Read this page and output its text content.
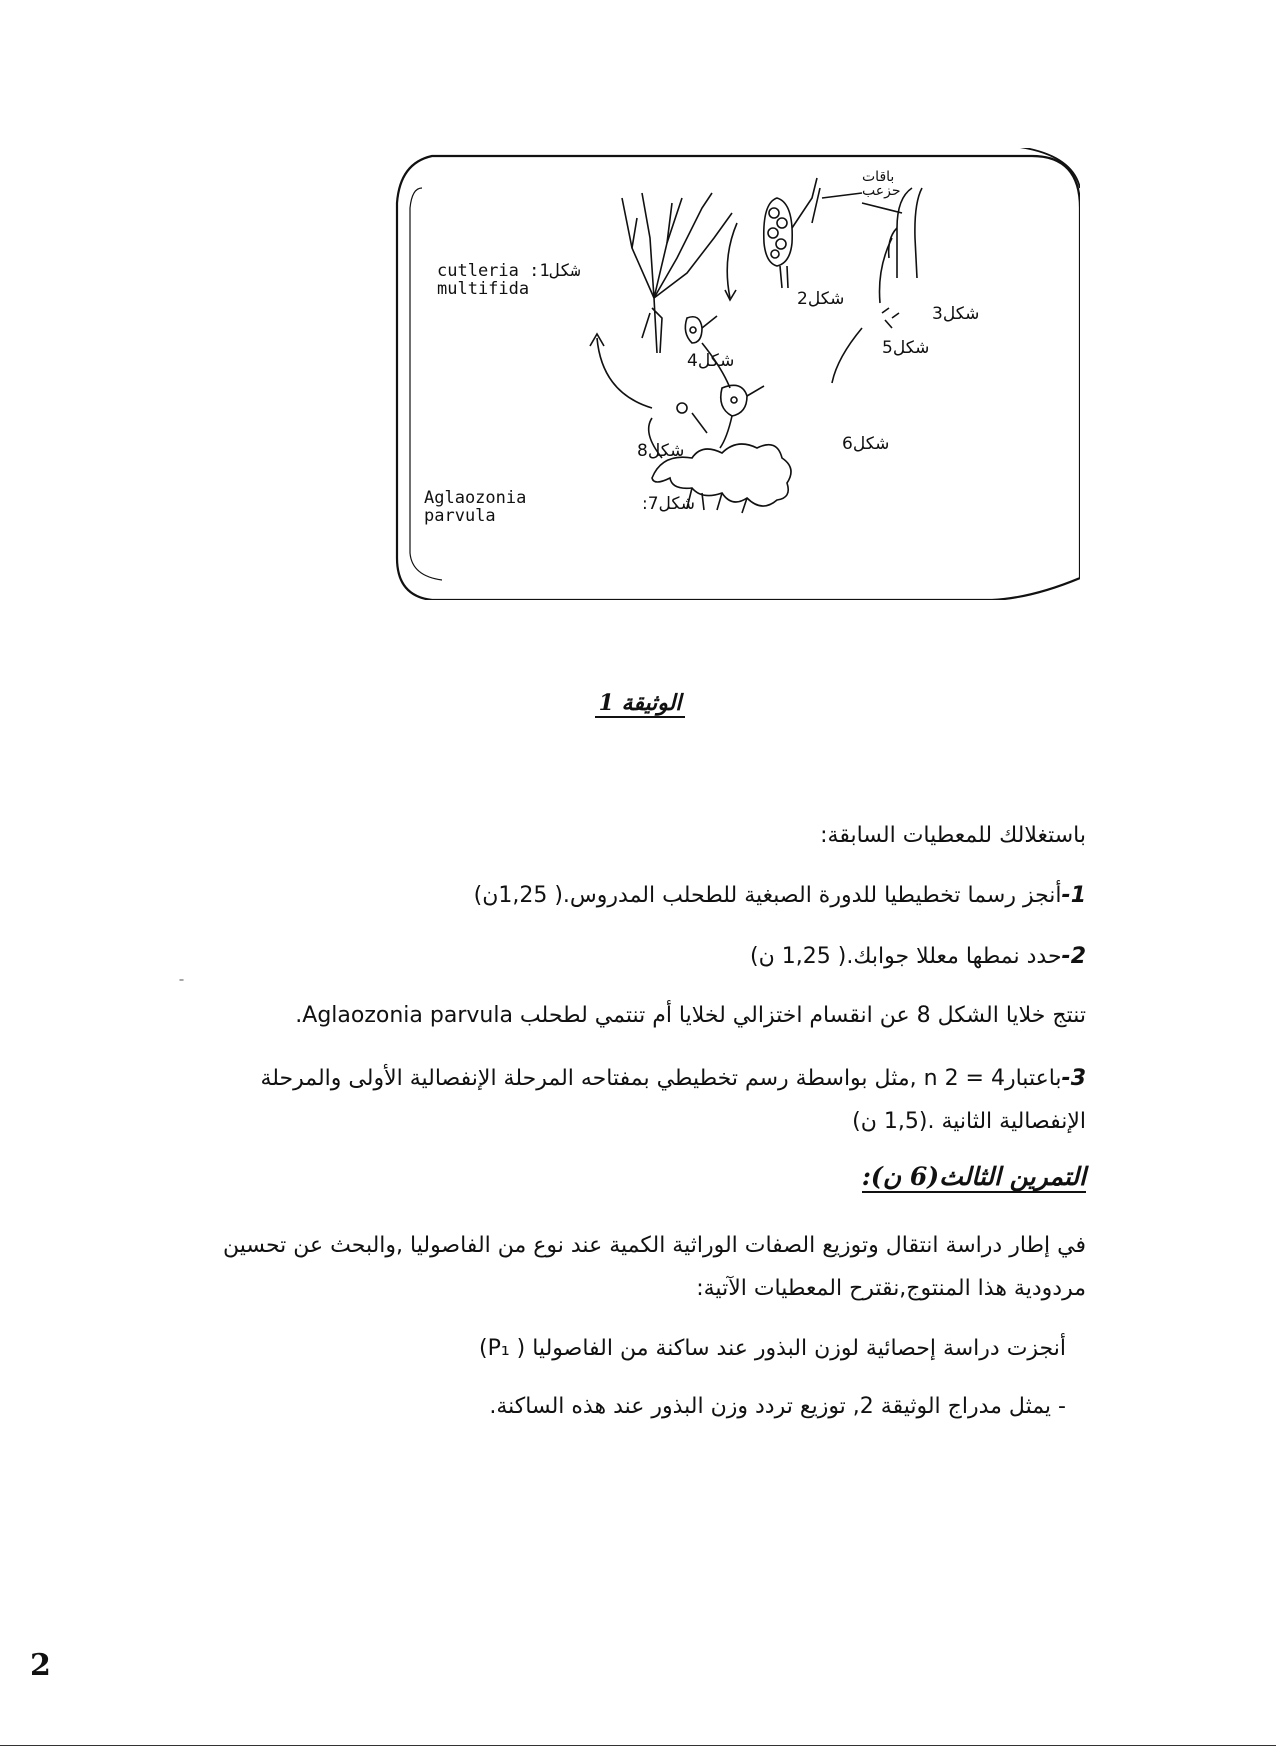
cutleria :1شكل
multifida
2شكل
3شكل
4شكل
5شكل
6شكل
8شكل
:7شكل
Aglaozonia
parvula
باقات
حزعب
الوثيقة 1
باستغلالك للمعطيات السابقة:
1-أنجز رسما تخطيطيا للدورة الصبغية للطحلب المدروس.( 1,25ن)
2-حدد نمطها معللا جوابك.( 1,25 ن)
تنتج خلايا الشكل 8 عن انقسام اختزالي لخلايا أم تنتمي لطحلب Aglaozonia parvula.
3-باعتبار4 = 2 n ,مثل بواسطة رسم تخطيطي بمفتاحه المرحلة الإنفصالية الأولى والمرحلة
الإنفصالية الثانية .(1,5 ن)
ˉ
التمرين الثالث(6 ن):
في إطار دراسة انتقال وتوزيع الصفات الوراثية الكمية عند نوع من الفاصوليا ,والبحث عن تحسين
مردودية هذا المنتوج,نقترح المعطيات الآتية:
أنجزت دراسة إحصائية لوزن البذور عند ساكنة من الفاصوليا ( P₁)
- يمثل مدراج الوثيقة 2, توزيع تردد وزن البذور عند هذه الساكنة.
2
